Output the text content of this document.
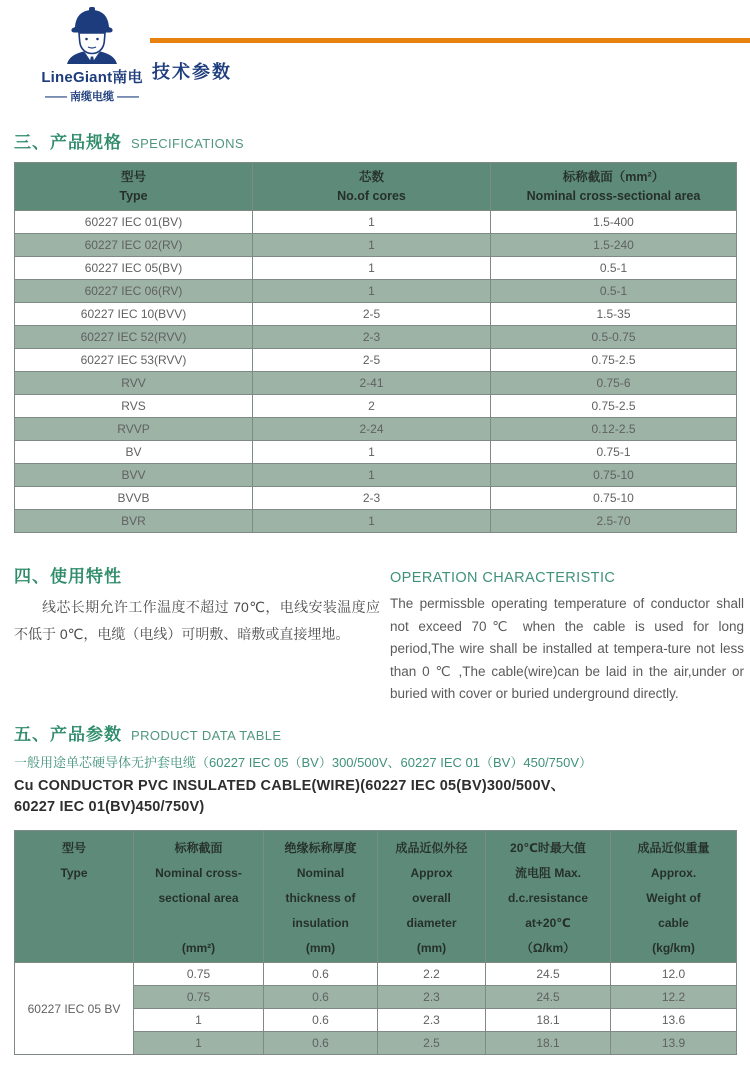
LineGiant南电
—— 南缆电缆 ——
技术参数
三、产品规格 SPECIFICATIONS
型号
Type

芯数
No.of cores

标称截面（mm²）
Nominal cross-sectional area

60227 IEC 01(BV)	1	1.5-400
60227 IEC 02(RV)	1	1.5-240
60227 IEC 05(BV)	1	0.5-1
60227 IEC 06(RV)	1	0.5-1
60227 IEC 10(BVV)	2-5	1.5-35
60227 IEC 52(RVV)	2-3	0.5-0.75
60227 IEC 53(RVV)	2-5	0.75-2.5
RVV	2-41	0.75-6
RVS	2	0.75-2.5
RVVP	2-24	0.12-2.5
BV	1	0.75-1
BVV	1	0.75-10
BVVB	2-3	0.75-10
BVR	1	2.5-70
四、使用特性
线芯长期允许工作温度不超过 70℃，电线安装温度应不低于 0℃，电缆（电线）可明敷、暗敷或直接埋地。
OPERATION CHARACTERISTIC
The permissble operating temperature of conductor shall not exceed 70℃ when the cable is used for long period,The wire shall be installed at tempera-ture not less than 0 ℃ ,The cable(wire)can be laid in the air,under or buried with cover or buried underground directly.
五、产品参数 PRODUCT DATA TABLE
一般用途单芯硬导体无护套电缆（60227 IEC 05（BV）300/500V、60227 IEC 01（BV）450/750V）
Cu CONDUCTOR PVC INSULATED CABLE(WIRE)(60227 IEC 05(BV)300/500V、60227 IEC 01(BV)450/750V)
型号
Type

标称截面
Nominal cross-
sectional area
(mm²)

绝缘标称厚度
Nominal
thickness of
insulation
(mm)

成品近似外径
Approx
overall
diameter
(mm)

20℃时最大值
流电阻 Max.
d.c.resistance
at+20℃
（Ω/km）

成品近似重量
Approx.
Weight of
cable
(kg/km)

60227 IEC 05 BV	0.75	0.6	2.2	24.5	12.0
	0.75	0.6	2.3	24.5	12.2
	1	0.6	2.3	18.1	13.6
	1	0.6	2.5	18.1	13.9
